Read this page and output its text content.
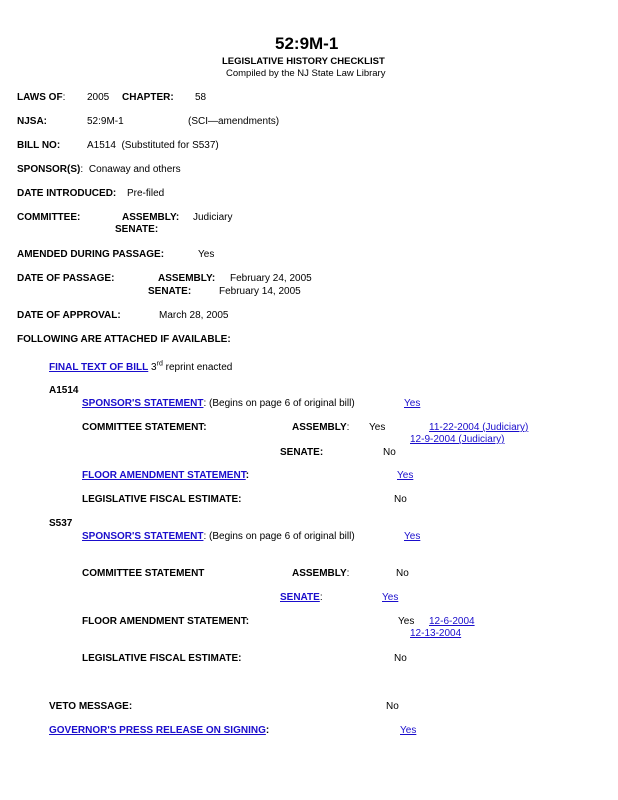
52:9M-1
LEGISLATIVE HISTORY CHECKLIST
Compiled by the NJ State Law Library
LAWS OF: 2005 CHAPTER: 58
NJSA:	52:9M-1	(SCI—amendments)
BILL NO:	A1514  (Substituted for S537)
SPONSOR(S): Conaway and others
DATE INTRODUCED: Pre-filed
COMMITTEE:	ASSEMBLY: Judiciary
SENATE:
AMENDED DURING PASSAGE:	Yes
DATE OF PASSAGE:	ASSEMBLY: February 24, 2005
SENATE:	February 14, 2005
DATE OF APPROVAL:	March 28, 2005
FOLLOWING ARE ATTACHED IF AVAILABLE:
FINAL TEXT OF BILL 3rd reprint enacted
A1514
SPONSOR'S STATEMENT: (Begins on page 6 of original bill)	Yes
COMMITTEE STATEMENT:	ASSEMBLY: Yes	11-22-2004 (Judiciary)
12-9-2004 (Judiciary)
SENATE:	No
FLOOR AMENDMENT STATEMENT:	Yes
LEGISLATIVE FISCAL ESTIMATE:	No
S537
SPONSOR'S STATEMENT: (Begins on page 6 of original bill)	Yes
COMMITTEE STATEMENT	ASSEMBLY:	No
SENATE:	Yes
FLOOR AMENDMENT STATEMENT:	Yes 12-6-2004
12-13-2004
LEGISLATIVE FISCAL ESTIMATE:	No
VETO MESSAGE:	No
GOVERNOR'S PRESS RELEASE ON SIGNING:	Yes
